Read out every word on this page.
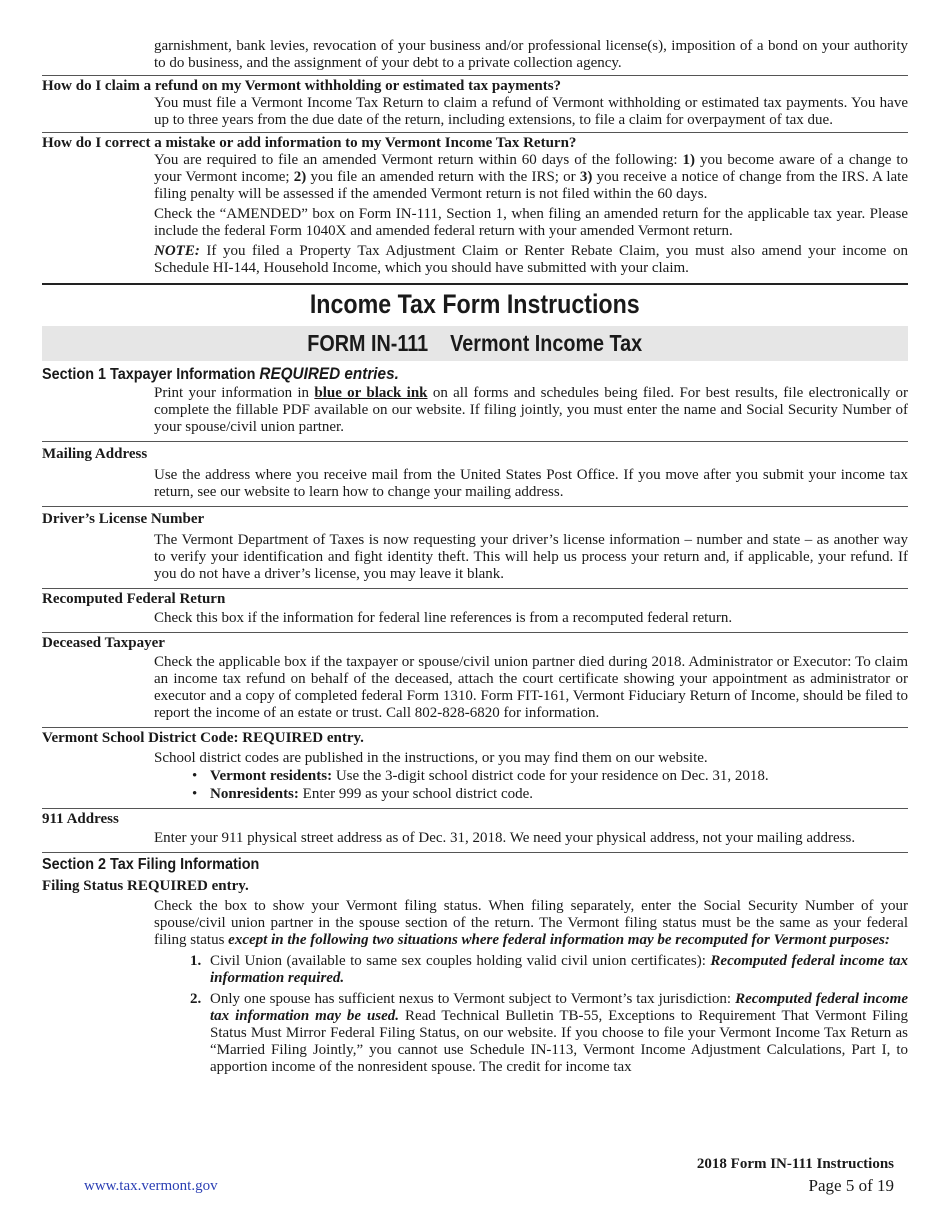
garnishment, bank levies, revocation of your business and/or professional license(s), imposition of a bond on your authority to do business, and the assignment of your debt to a private collection agency.

How do I claim a refund on my Vermont withholding or estimated tax payments?

You must file a Vermont Income Tax Return to claim a refund of Vermont withholding or estimated tax payments. You have up to three years from the due date of the return, including extensions, to file a claim for overpayment of tax due.

How do I correct a mistake or add information to my Vermont Income Tax Return?

You are required to file an amended Vermont return within 60 days of the following: 1) you become aware of a change to your Vermont income; 2) you file an amended return with the IRS; or 3) you receive a notice of change from the IRS. A late filing penalty will be assessed if the amended Vermont return is not filed within the 60 days.

Check the “AMENDED” box on Form IN-111, Section 1, when filing an amended return for the applicable tax year. Please include the federal Form 1040X and amended federal return with your amended Vermont return.

NOTE: If you filed a Property Tax Adjustment Claim or Renter Rebate Claim, you must also amend your income on Schedule HI-144, Household Income, which you should have submitted with your claim.

Income Tax Form Instructions
FORM IN-111 Vermont Income Tax
Section 1 Taxpayer Information REQUIRED entries.

Print your information in blue or black ink on all forms and schedules being filed. For best results, file electronically or complete the fillable PDF available on our website. If filing jointly, you must enter the name and Social Security Number of your spouse/civil union partner.

Mailing Address

Use the address where you receive mail from the United States Post Office. If you move after you submit your income tax return, see our website to learn how to change your mailing address.

Driver’s License Number

The Vermont Department of Taxes is now requesting your driver’s license information – number and state – as another way to verify your identification and fight identity theft. This will help us process your return and, if applicable, your refund. If you do not have a driver’s license, you may leave it blank.

Recomputed Federal Return

Check this box if the information for federal line references is from a recomputed federal return.

Deceased Taxpayer

Check the applicable box if the taxpayer or spouse/civil union partner died during 2018. Administrator or Executor: To claim an income tax refund on behalf of the deceased, attach the court certificate showing your appointment as administrator or executor and a copy of completed federal Form 1310. Form FIT-161, Vermont Fiduciary Return of Income, should be filed to report the income of an estate or trust. Call 802-828-6820 for information.

Vermont School District Code: REQUIRED entry.

School district codes are published in the instructions, or you may find them on our website.

• Vermont residents: Use the 3-digit school district code for your residence on Dec. 31, 2018.
• Nonresidents: Enter 999 as your school district code.

911 Address

Enter your 911 physical street address as of Dec. 31, 2018. We need your physical address, not your mailing address.

Section 2 Tax Filing Information

Filing Status REQUIRED entry.

Check the box to show your Vermont filing status. When filing separately, enter the Social Security Number of your spouse/civil union partner in the spouse section of the return. The Vermont filing status must be the same as your federal filing status except in the following two situations where federal information may be recomputed for Vermont purposes:

1. Civil Union (available to same sex couples holding valid civil union certificates): Recomputed federal income tax information required.
2. Only one spouse has sufficient nexus to Vermont subject to Vermont’s tax jurisdiction: Recomputed federal income tax information may be used. Read Technical Bulletin TB-55, Exceptions to Requirement That Vermont Filing Status Must Mirror Federal Filing Status, on our website. If you choose to file your Vermont Income Tax Return as “Married Filing Jointly,” you cannot use Schedule IN-113, Vermont Income Adjustment Calculations, Part I, to apportion income of the nonresident spouse. The credit for income tax
2018 Form IN-111 Instructions
Page 5 of 19
www.tax.vermont.gov
